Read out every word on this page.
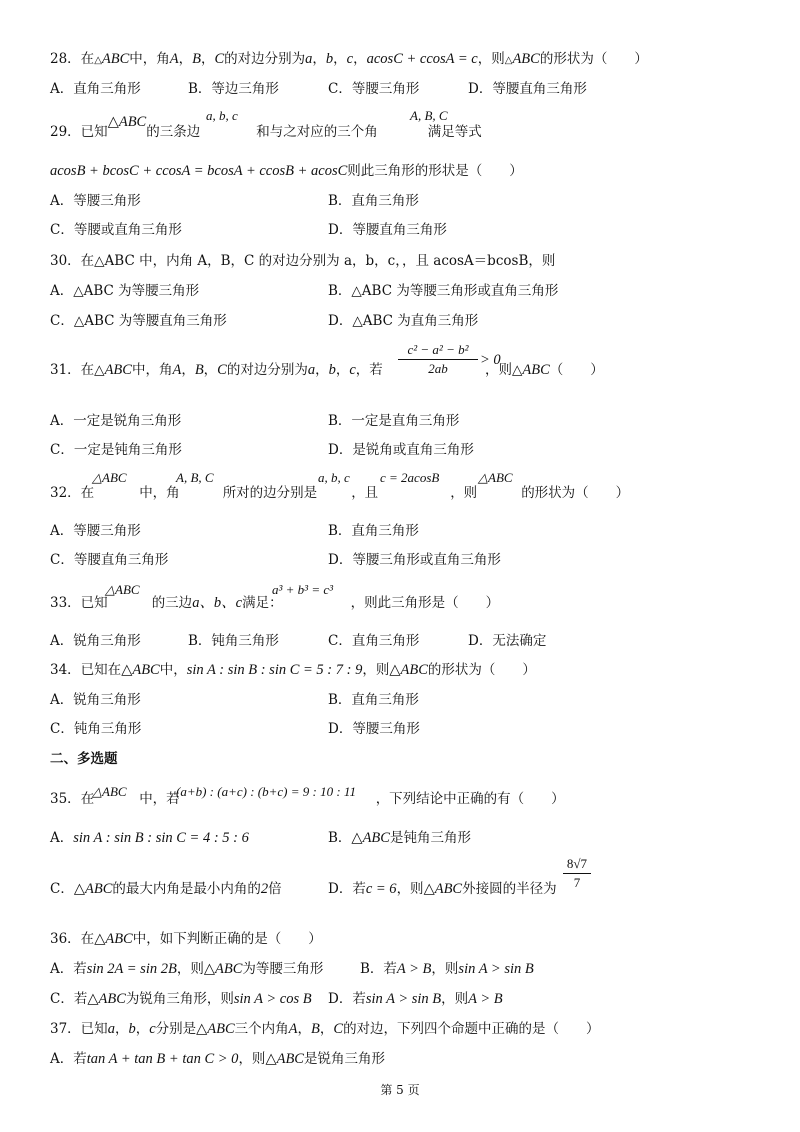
28．在△ABC中，角A，B，C的对边分别为a，b，c，acosC + ccosA = c，则△ABC的形状为（　　）
A．直角三角形	B．等边三角形	C．等腰三角形	D．等腰直角三角形
a, b, c	A, B, C
29．已知△ABC的三条边	和与之对应的三个角	满足等式
acosB + bcosC + ccosA = bcosA + ccosB + acosC则此三角形的形状是（　　）
A．等腰三角形	B．直角三角形
C．等腰或直角三角形	D．等腰直角三角形
30．在△ABC 中，内角 A，B，C 的对边分别为 a，b，c，，且 acosA＝bcosB，则
A．△ABC 为等腰三角形	B．△ABC 为等腰三角形或直角三角形
C．△ABC 为等腰直角三角形	D．△ABC 为直角三角形
31．在△ABC中，角A，B，C的对边分别为a，b，c，若
c² − a² − b²
2ab
> 0
，则△ABC（　　）
A．一定是锐角三角形	B．一定是直角三角形
C．一定是钝角三角形	D．是锐角或直角三角形
△ABC	A, B, C	a, b, c c = 2acosB	△ABC
32．在	中，角	所对的边分别是	，且	，则	的形状为（　　）
A．等腰三角形	B．直角三角形
C．等腰直角三角形	D．等腰三角形或直角三角形
△ABC	a³ + b³ = c³
33．已知	的三边a、b、c满足：	，则此三角形是（　　）
A．锐角三角形	B．钝角三角形	C．直角三角形	D．无法确定
34．已知在△ABC中，sin A : sin B : sin C = 5 : 7 : 9，则△ABC的形状为（　　）
A．锐角三角形	B．直角三角形
C．钝角三角形	D．等腰三角形
二、多选题
△ABC	(a+b) : (a+c) : (b+c) = 9 : 10 : 11
35．在	中，若	，下列结论中正确的有（　　）
A．sin A : sin B : sin C = 4 : 5 : 6	B．△ABC是钝角三角形
C．△ABC的最大内角是最小内角的2倍	D．若c = 6，则△ABC外接圆的半径为
8√7
7
36．在△ABC中，如下判断正确的是（　　）
A．若sin 2A = sin 2B，则△ABC为等腰三角形	B．若A > B，则sin A > sin B
C．若△ABC为锐角三角形，则sin A > cos B D．若sin A > sin B，则A > B
37．已知a，b，c分别是△ABC三个内角A，B，C的对边，下列四个命题中正确的是（　　）
A．若tan A + tan B + tan C > 0，则△ABC是锐角三角形
第 5 页
